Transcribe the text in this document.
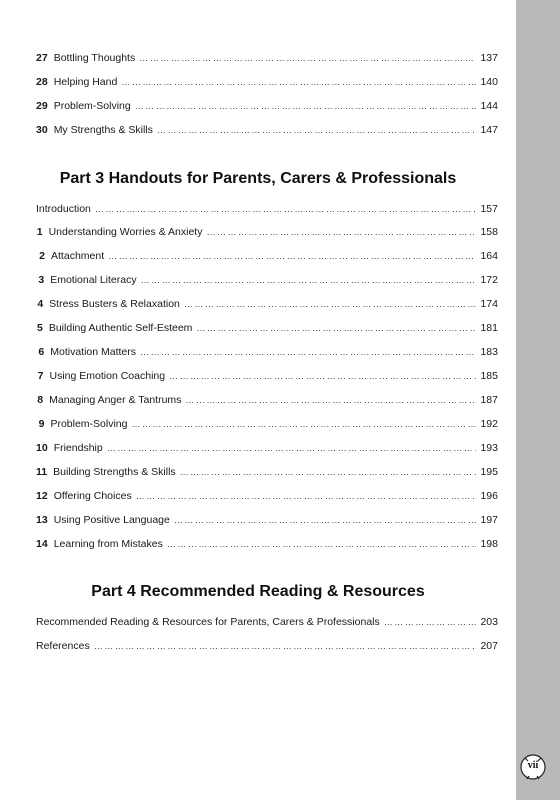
27 Bottling Thoughts …………………………………………………………………………………………………………………………………………………………………………………………	137
28 Helping Hand …………………………………………………………………………………………………………………………………………………………………………………………	140
29 Problem-Solving …………………………………………………………………………………………………………………………………………………………………………………………	144
30 My Strengths & Skills …………………………………………………………………………………………………………………………………………………………………………………………	147
Part 3 Handouts for Parents, Carers & Professionals
Introduction …………………………………………………………………………………………………………………………………………………………………………………………	157
1 Understanding Worries & Anxiety …………………………………………………………………………………………………………………………………………………………………………………………	158
2 Attachment …………………………………………………………………………………………………………………………………………………………………………………………	164
3 Emotional Literacy …………………………………………………………………………………………………………………………………………………………………………………………	172
4 Stress Busters & Relaxation …………………………………………………………………………………………………………………………………………………………………………………………	174
5 Building Authentic Self-Esteem …………………………………………………………………………………………………………………………………………………………………………………………	181
6 Motivation Matters …………………………………………………………………………………………………………………………………………………………………………………………	183
7 Using Emotion Coaching …………………………………………………………………………………………………………………………………………………………………………………………	185
8 Managing Anger & Tantrums …………………………………………………………………………………………………………………………………………………………………………………………	187
9 Problem-Solving …………………………………………………………………………………………………………………………………………………………………………………………	192
10 Friendship …………………………………………………………………………………………………………………………………………………………………………………………	193
11 Building Strengths & Skills …………………………………………………………………………………………………………………………………………………………………………………………	195
12 Offering Choices …………………………………………………………………………………………………………………………………………………………………………………………	196
13 Using Positive Language …………………………………………………………………………………………………………………………………………………………………………………………	197
14 Learning from Mistakes …………………………………………………………………………………………………………………………………………………………………………………………	198
Part 4 Recommended Reading & Resources
Recommended Reading & Resources for Parents, Carers & Professionals …………………………………………………………………………………………………………………………………………………………………………………………	203
References …………………………………………………………………………………………………………………………………………………………………………………………	207
vii
